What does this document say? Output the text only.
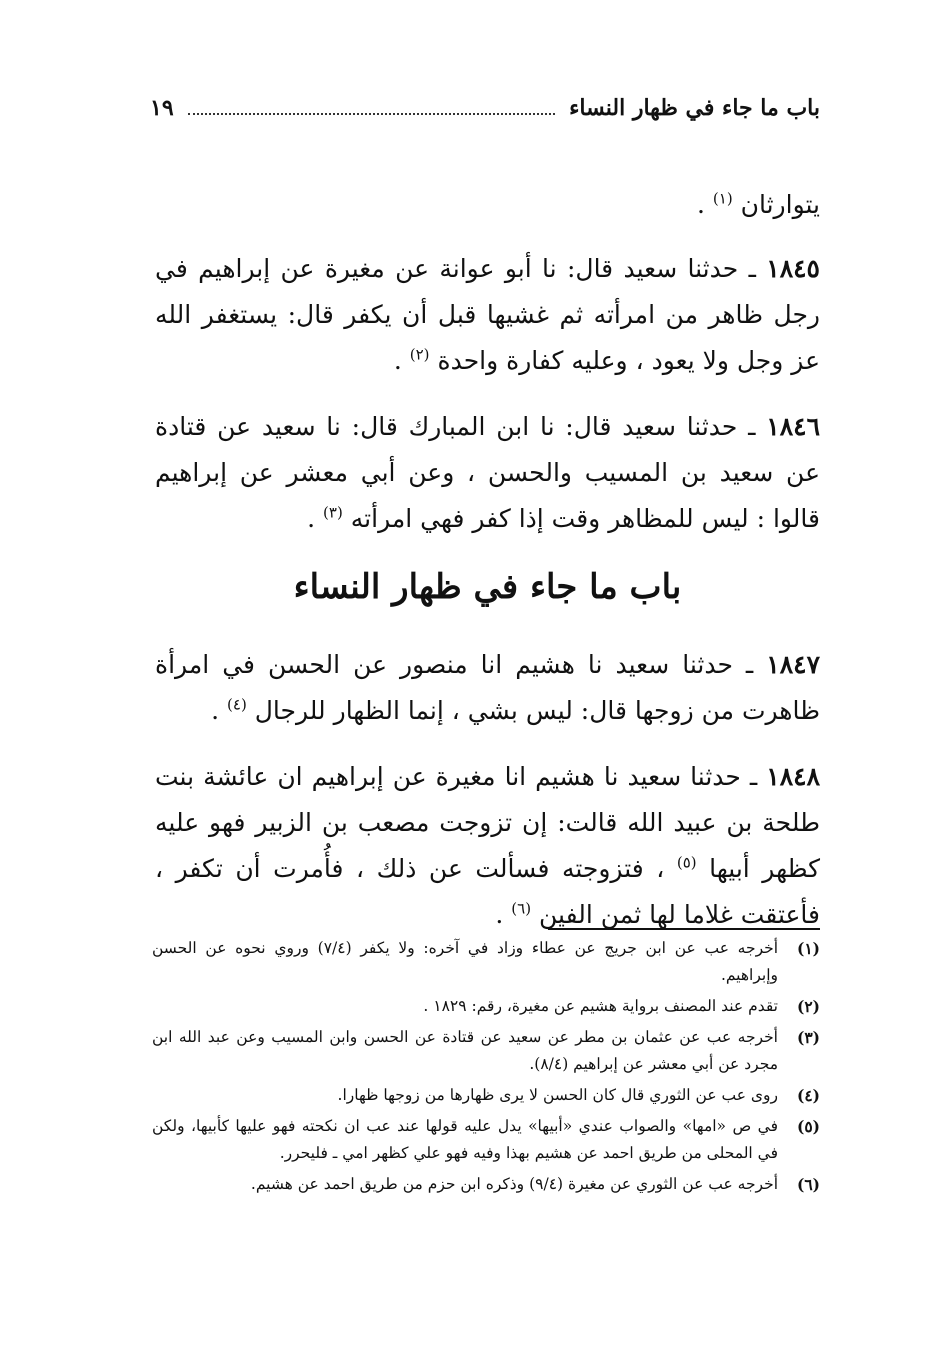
باب ما جاء في ظهار النساء
١٩

يتوارثان $^{(١)}$ .

١٨٤٥ ـ حدثنا سعيد قال: نا أبو عوانة عن مغيرة عن إبراهيم في رجل ظاهر من امرأته ثم غشيها قبل أن يكفر قال: يستغفر الله عز وجل ولا يعود ، وعليه كفارة واحدة $^{(٢)}$ .

١٨٤٦ ـ حدثنا سعيد قال: نا ابن المبارك قال: نا سعيد عن قتادة عن سعيد بن المسيب والحسن ، وعن أبي معشر عن إبراهيم قالوا : ليس للمظاهر وقت إذا كفر فهي امرأته $^{(٣)}$ .

باب ما جاء في ظهار النساء

١٨٤٧ ـ حدثنا سعيد نا هشيم انا منصور عن الحسن في امرأة ظاهرت من زوجها قال: ليس بشي ، إنما الظهار للرجال $^{(٤)}$ .

١٨٤٨ ـ حدثنا سعيد نا هشيم انا مغيرة عن إبراهيم ان عائشة بنت طلحة بن عبيد الله قالت: إن تزوجت مصعب بن الزبير فهو عليه كظهر أبيها $^{(٥)}$ ، فتزوجته فسألت عن ذلك ، فأُمرت أن تكفر ، فأعتقت غلاما لها ثمن الفين $^{(٦)}$ .

(١)
أخرجه عب عن ابن جريج عن عطاء وزاد في آخره: ولا يكفر (٧/٤) وروي نحوه عن الحسن وإبراهيم.
(٢)
تقدم عند المصنف برواية هشيم عن مغيرة، رقم: ١٨٢٩ .
(٣)
أخرجه عب عن عثمان بن مطر عن سعيد عن قتادة عن الحسن وابن المسيب وعن عبد الله ابن مجرد عن أبي معشر عن إبراهيم (٨/٤).
(٤)
روى عب عن الثوري قال كان الحسن لا يرى ظهارها من زوجها ظهارا.
(٥)
في ص «امها» والصواب عندي «أبيها» يدل عليه قولها عند عب ان نكحته فهو عليها كأبيها، ولكن في المحلى من طريق احمد عن هشيم بهذا وفيه فهو علي كظهر امي ـ فليحرر.
(٦)
أخرجه عب عن الثوري عن مغيرة (٩/٤) وذكره ابن حزم من طريق احمد عن هشيم.
